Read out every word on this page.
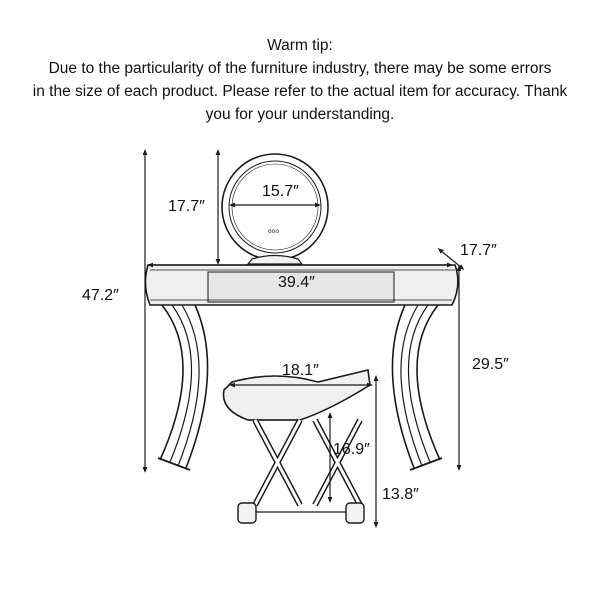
Warm tip:
Due to the particularity of the furniture industry, there may be some errors
in the size of each product. Please refer to the actual item for accuracy. Thank
you for your understanding.
ooo
15.7″
17.7″
47.2″
39.4″
17.7″
29.5″
18.1″
16.9″
13.8″
